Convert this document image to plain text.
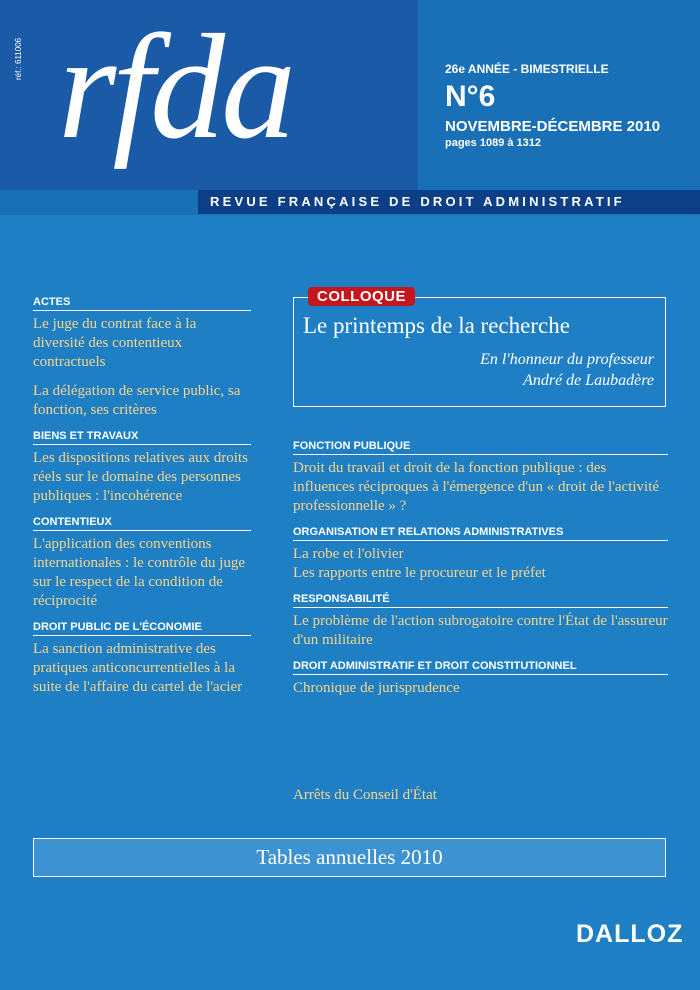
réf.: 611006 rfda	26e ANNÉE - BIMESTRIELLE
N°6
NOVEMBRE-DÉCEMBRE 2010
pages 1089 à 1312
REVUE FRANÇAISE DE DROIT ADMINISTRATIF
ACTES
Le juge du contrat face à la diversité des contentieux contractuels
La délégation de service public, sa fonction, ses critères
BIENS ET TRAVAUX
Les dispositions relatives aux droits réels sur le domaine des personnes publiques : l'incohérence
CONTENTIEUX
L'application des conventions internationales : le contrôle du juge sur le respect de la condition de réciprocité
DROIT PUBLIC DE L'ÉCONOMIE
La sanction administrative des pratiques anticoncurrentielles à la suite de l'affaire du cartel de l'acier
COLLOQUE
Le printemps de la recherche
En l'honneur du professeur
André de Laubadère
FONCTION PUBLIQUE
Droit du travail et droit de la fonction publique : des influences réciproques à l'émergence d'un « droit de l'activité professionnelle » ?
ORGANISATION ET RELATIONS ADMINISTRATIVES
La robe et l'olivier
Les rapports entre le procureur et le préfet
RESPONSABILITÉ
Le problème de l'action subrogatoire contre l'État de l'assureur d'un militaire
DROIT ADMINISTRATIF ET DROIT CONSTITUTIONNEL
Chronique de jurisprudence
Arrêts du Conseil d'État
Tables annuelles 2010
DALLOZ
